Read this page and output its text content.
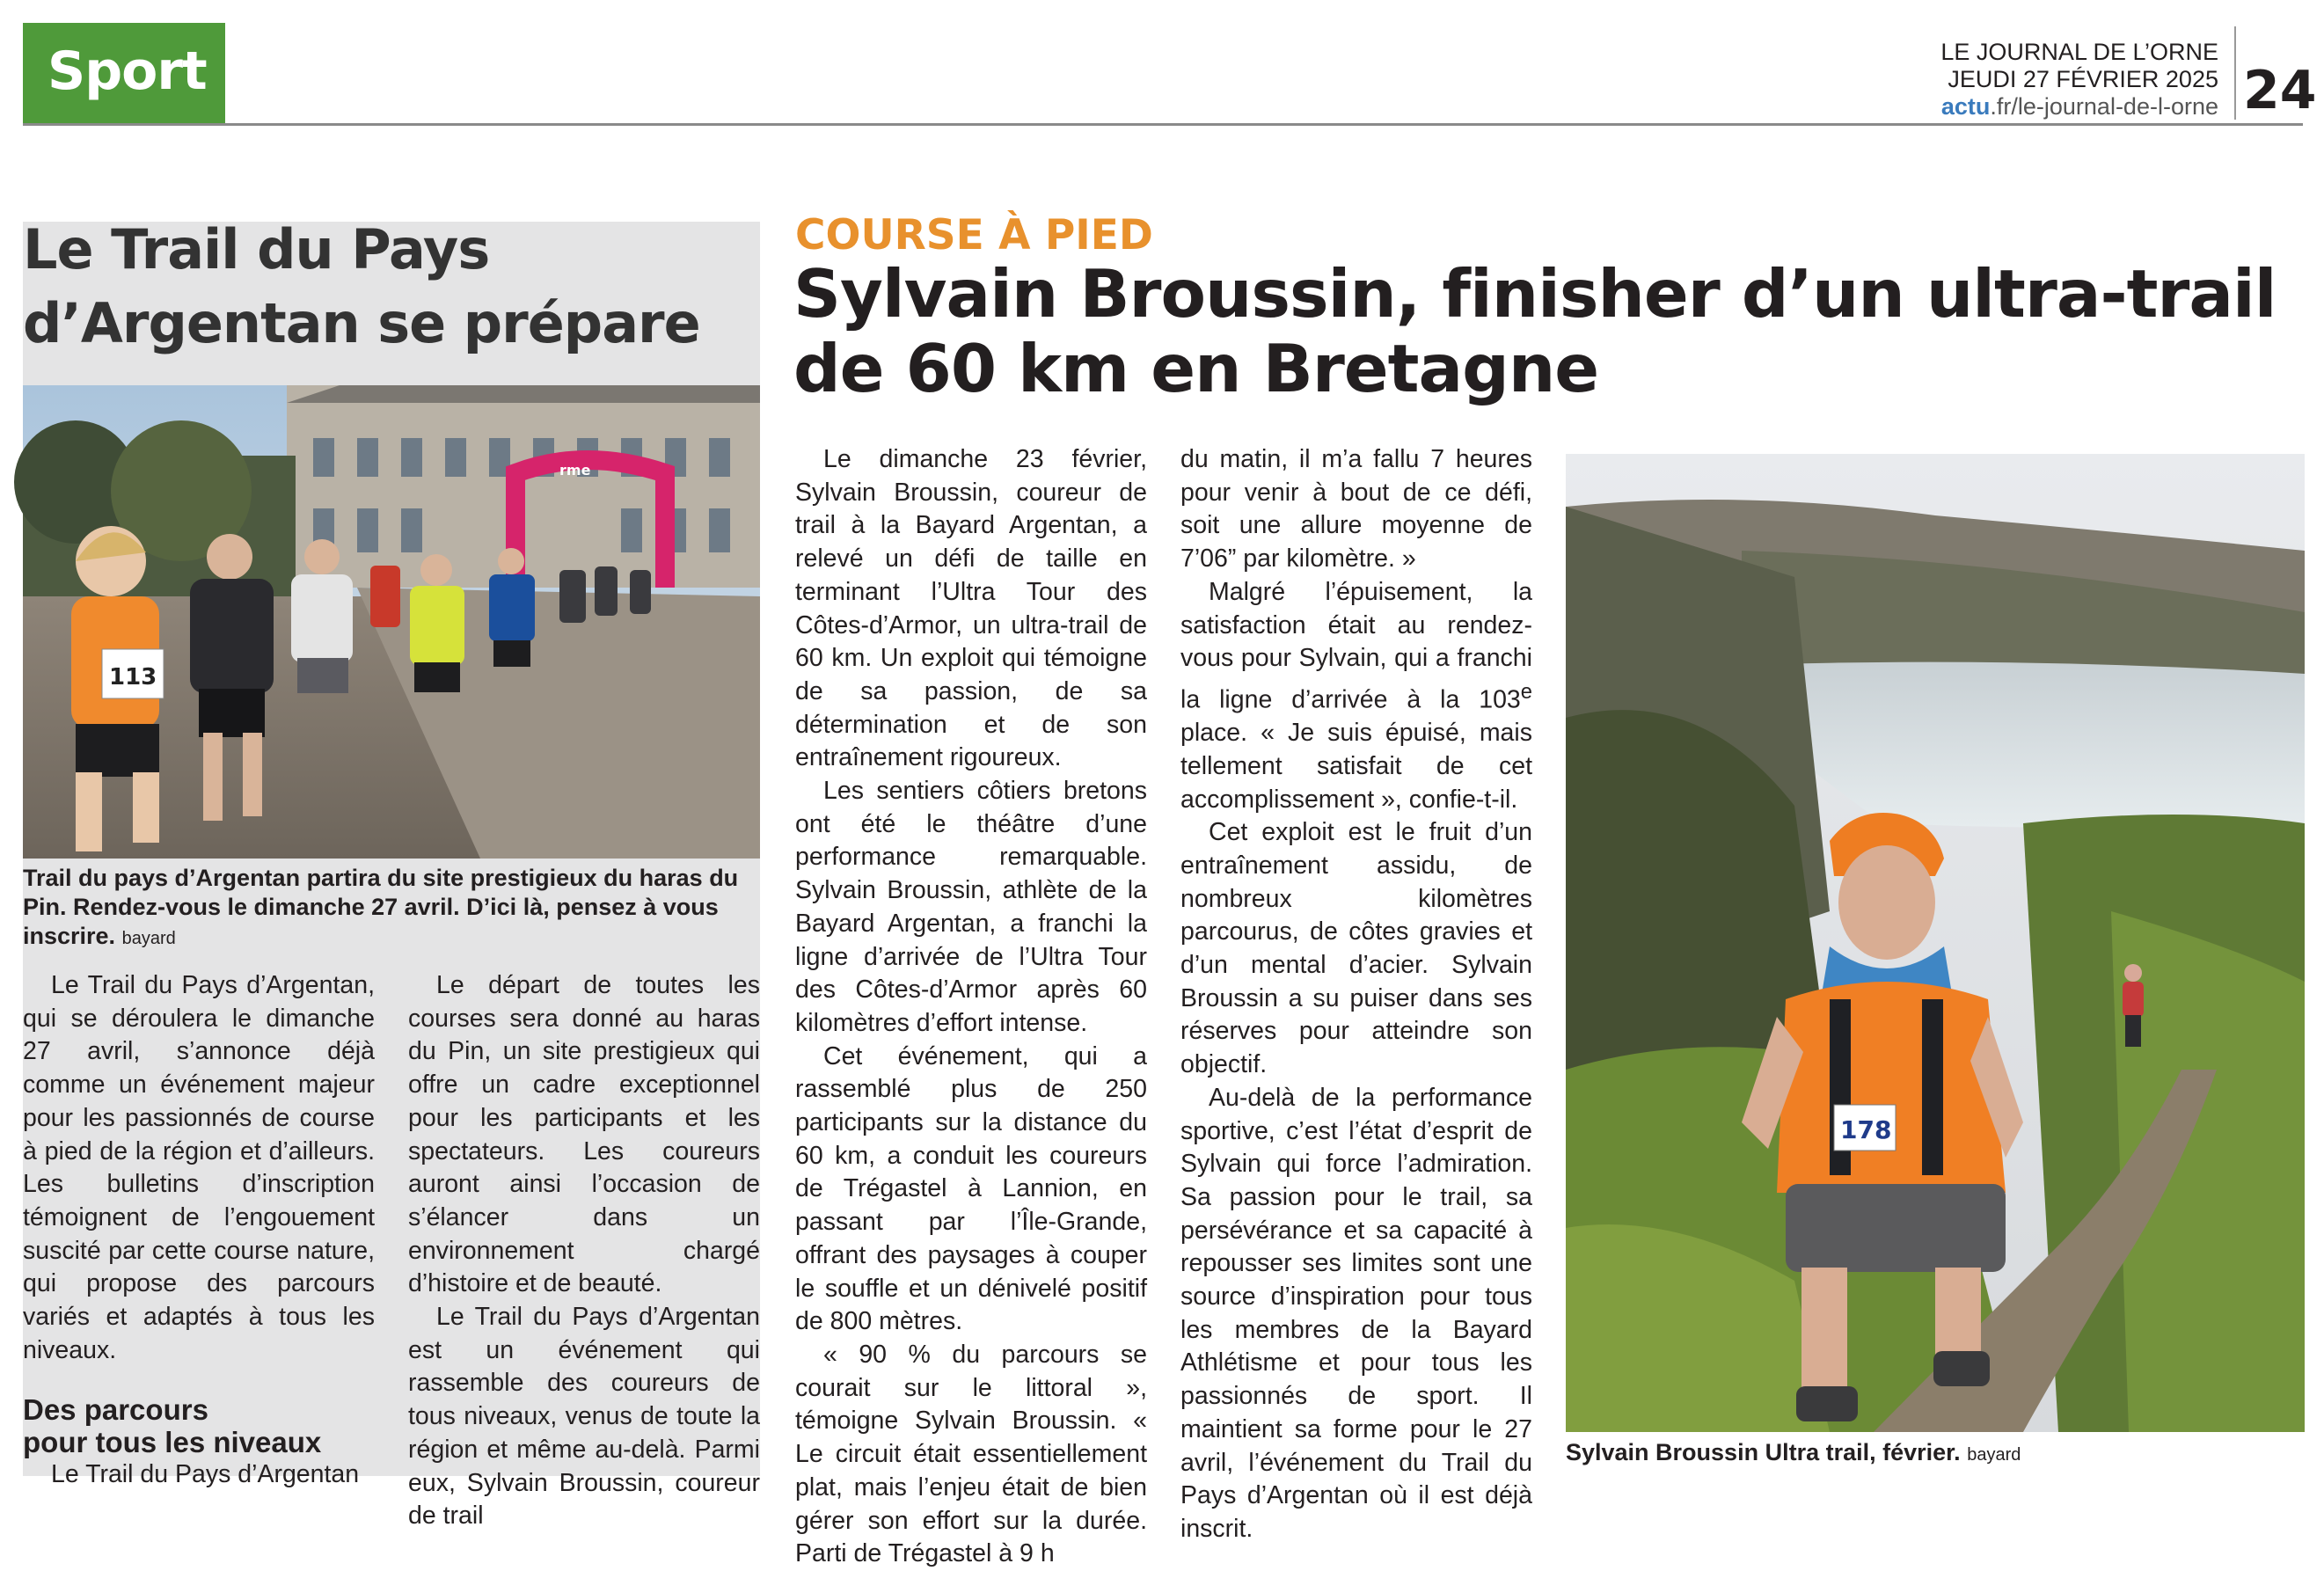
Sport	LE JOURNAL DE L’ORNE
JEUDI 27 FÉVRIER 2025
actu.fr/le-journal-de-l-orne 24
Le Trail du Pays
d’Argentan se prépare
rme
113
Trail du pays d’Argentan partira du site prestigieux du haras du Pin. Rendez-vous le dimanche 27 avril. D’ici là, pensez à vous inscrire. bayard

Le Trail du Pays d’Argentan, qui se déroulera le dimanche 27 avril, s’annonce déjà comme un événement majeur pour les passionnés de course à pied de la région et d’ailleurs. Les bulletins d’inscription témoignent de l’engouement suscité par cette course nature, qui propose des parcours variés et adaptés à tous les niveaux.

Des parcours
pour tous les niveaux

Le Trail du Pays d’Argentan

Le départ de toutes les courses sera donné au haras du Pin, un site prestigieux qui offre un cadre exceptionnel pour les participants et les spectateurs. Les coureurs auront ainsi l’occasion de s’élancer dans un environnement chargé d’histoire et de beauté.

Le Trail du Pays d’Argentan est un événement qui rassemble des coureurs de tous niveaux, venus de toute la région et même au-delà. Parmi eux, Sylvain Broussin, coureur de trail

COURSE À PIED
Sylvain Broussin, finisher d’un ultra-trail
de 60 km en Bretagne

Le dimanche 23 février, Sylvain Broussin, coureur de trail à la Bayard Argentan, a relevé un défi de taille en terminant l’Ultra Tour des Côtes-d’Armor, un ultra-trail de 60 km. Un exploit qui témoigne de sa passion, de sa détermination et de son entraînement rigoureux.

Les sentiers côtiers bretons ont été le théâtre d’une performance remarquable. Sylvain Broussin, athlète de la Bayard Argentan, a franchi la ligne d’arrivée de l’Ultra Tour des Côtes-d’Armor après 60 kilomètres d’effort intense.

Cet événement, qui a rassemblé plus de 250 participants sur la distance du 60 km, a conduit les coureurs de Trégastel à Lannion, en passant par l’Île-Grande, offrant des paysages à couper le souffle et un dénivelé positif de 800 mètres.

« 90 % du parcours se courait sur le littoral », témoigne Sylvain Broussin. « Le circuit était essentiellement plat, mais l’enjeu était de bien gérer son effort sur la durée. Parti de Trégastel à 9 h

du matin, il m’a fallu 7 heures pour venir à bout de ce défi, soit une allure moyenne de 7’06” par kilomètre. »

Malgré l’épuisement, la satisfaction était au rendez-vous pour Sylvain, qui a franchi la ligne d’arrivée à la 103e place. « Je suis épuisé, mais tellement satisfait de cet accomplissement », confie-t-il.

Cet exploit est le fruit d’un entraînement assidu, de nombreux kilomètres parcourus, de côtes gravies et d’un mental d’acier. Sylvain Broussin a su puiser dans ses réserves pour atteindre son objectif.

Au-delà de la performance sportive, c’est l’état d’esprit de Sylvain qui force l’admiration. Sa passion pour le trail, sa persévérance et sa capacité à repousser ses limites sont une source d’inspiration pour tous les membres de la Bayard Athlétisme et pour tous les passionnés de sport. Il maintient sa forme pour le 27 avril, l’événement du Trail du Pays d’Argentan où il est déjà inscrit.

178
Sylvain Broussin Ultra trail, février. bayard
